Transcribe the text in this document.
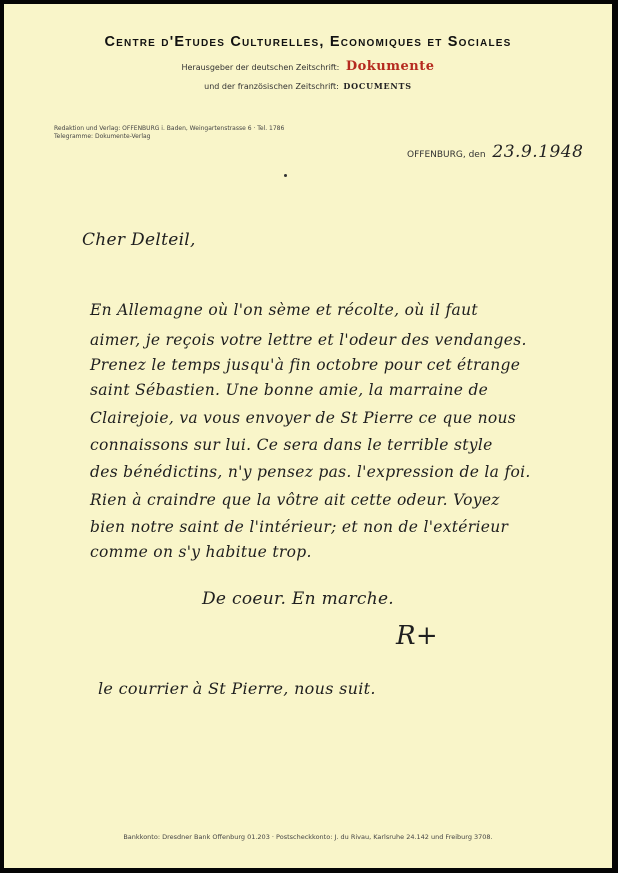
Centre d'Etudes Culturelles, Economiques et Sociales
Herausgeber der deutschen Zeitschrift: Dokumente
und der französischen Zeitschrift: DOCUMENTS
Redaktion und Verlag: OFFENBURG i. Baden, Weingartenstrasse 6 · Tel. 1786
Telegramme: Dokumente-Verlag
OFFENBURG, den 23.9.1948
Cher Delteil,
En Allemagne où l'on sème et récolte, où il faut
aimer, je reçois votre lettre et l'odeur des vendanges.
Prenez le temps jusqu'à fin octobre pour cet étrange
saint Sébastien. Une bonne amie, la marraine de
Clairejoie, va vous envoyer de St Pierre ce que nous
connaissons sur lui. Ce sera dans le terrible style
des bénédictins, n'y pensez pas. l'expression de la foi.
Rien à craindre que la vôtre ait cette odeur. Voyez
bien notre saint de l'intérieur; et non de l'extérieur
comme on s'y habitue trop.
De coeur. En marche.
R+
le courrier à St Pierre, nous suit.
Bankkonto: Dresdner Bank Offenburg 01.203 · Postscheckkonto: J. du Rivau, Karlsruhe 24.142 und Freiburg 3708.
